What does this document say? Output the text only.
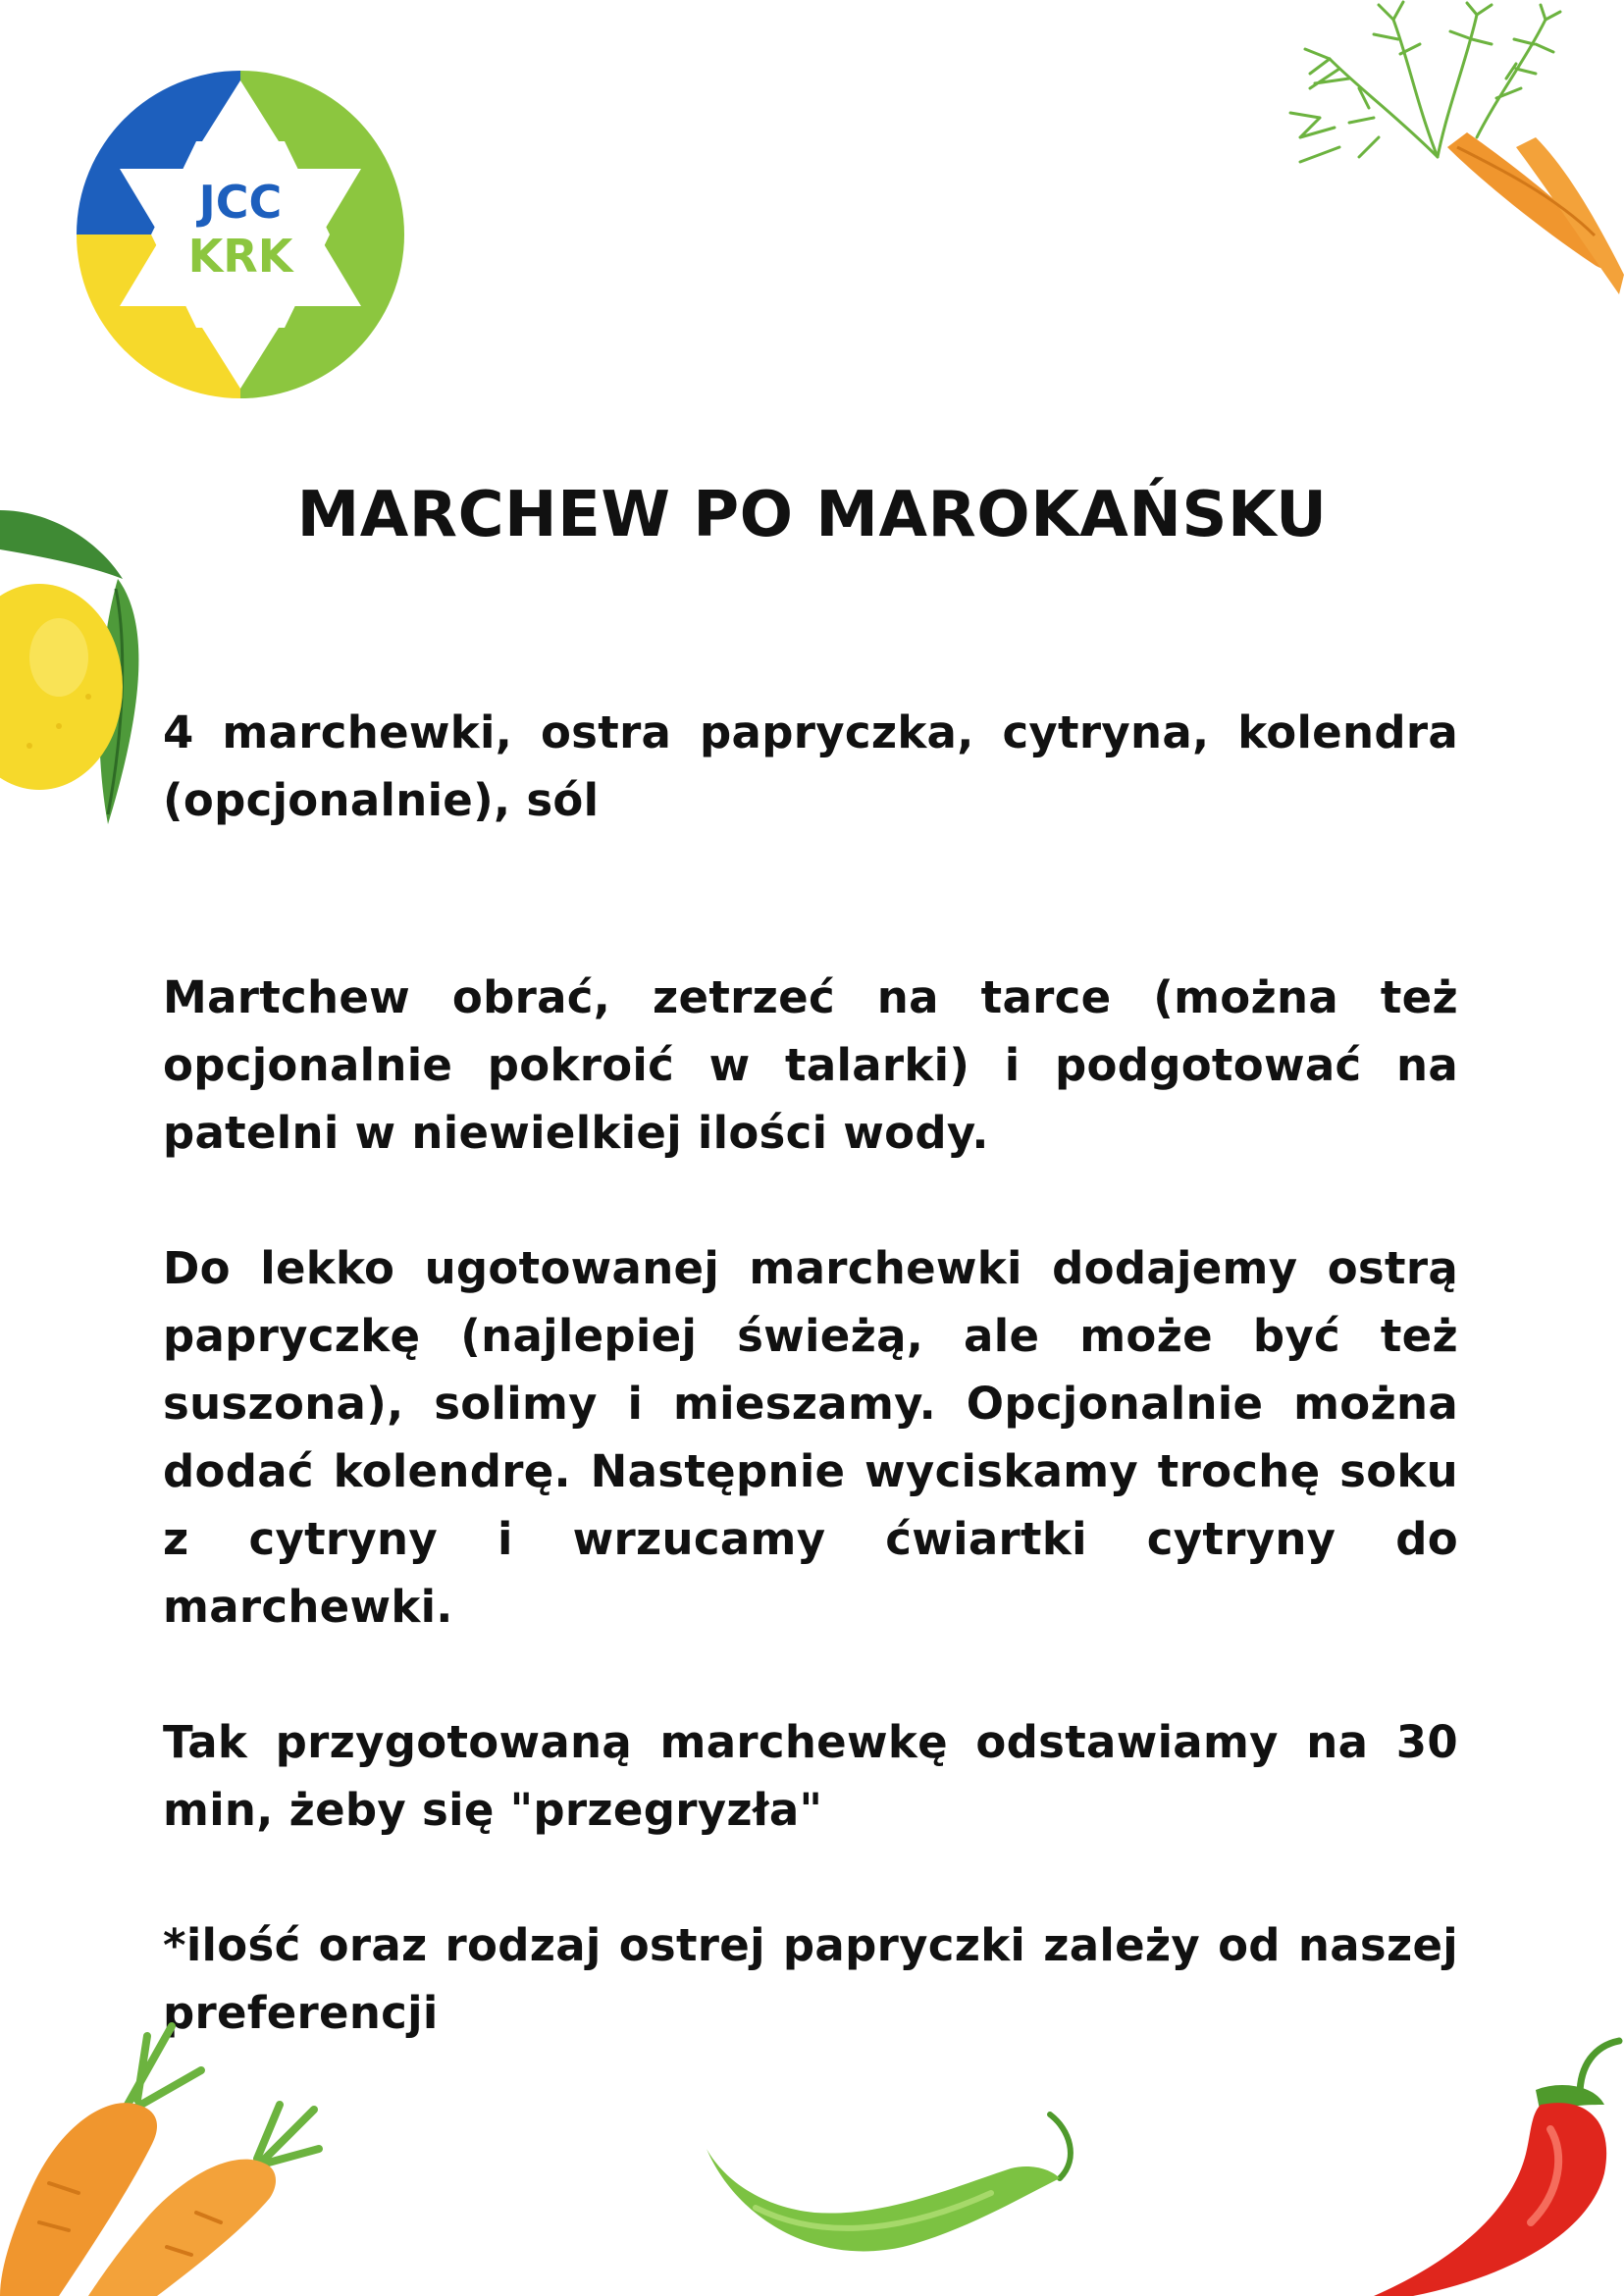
JCC
KRK
MARCHEW PO MAROKAŃSKU

4 marchewki, ostra papryczka, cytryna, kolendra (opcjonalnie), sól

Martchew obrać, zetrzeć na tarce (można też opcjonalnie pokroić w talarki) i podgotować na patelni w niewielkiej ilości wody.

Do lekko ugotowanej marchewki dodajemy ostrą papryczkę (najlepiej świeżą, ale może być też suszona), solimy i mieszamy. Opcjonalnie można dodać kolendrę. Następnie wyciskamy trochę soku z cytryny i wrzucamy ćwiartki cytryny do marchewki.

Tak przygotowaną marchewkę odstawiamy na 30 min, żeby się "przegryzła"

*ilość oraz rodzaj ostrej papryczki zależy od naszej preferencji
